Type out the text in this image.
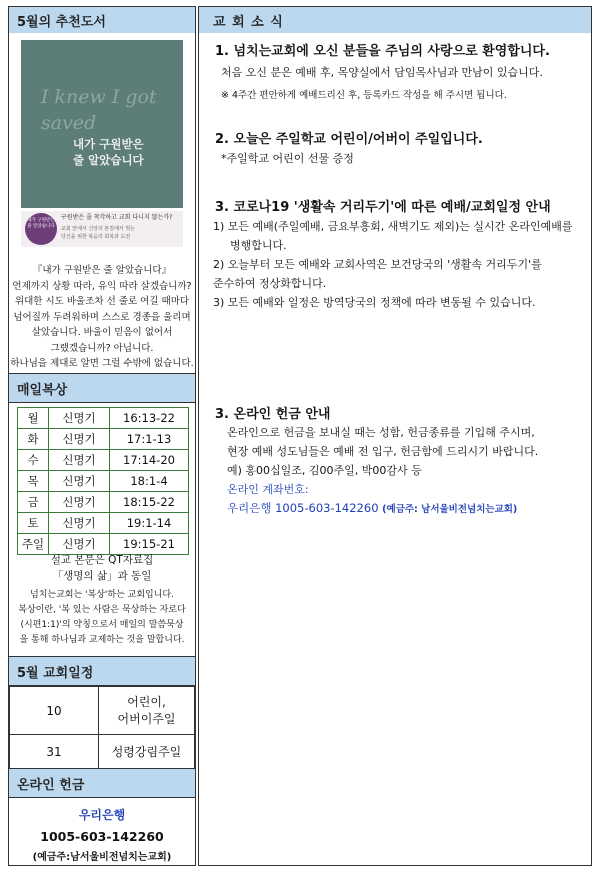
5월의 추천도서
I knew I got saved
내가 구원받은 줄 알았습니다
내가 구원받은 줄 알았습니다
구원받은 줄 착각하고 교회 다니지 않는가?
교회 안에서 신앙의 본질에서 벗는
당신을 위한 복음의 회복과 도전
『내가 구원받은 줄 알았습니다』
언제까지 상황 따라, 유익 따라 살겠습니까?
위대한 시도 바울조차 선 줄로 여길 때마다
넘어질까 두려워하며 스스로 경종을 울리며
살았습니다. 바울이 믿음이 없어서
그랬겠습니까? 아닙니다.
하나님을 제대로 알면 그럴 수밖에 없습니다.
매일복상
월	신명기	16:13-22
화	신명기	17:1-13
수	신명기	17:14-20
목	신명기	18:1-4
금	신명기	18:15-22
토	신명기	19:1-14
주일	신명기	19:15-21
설교 본문은 QT자료집
「생명의 삶」과 동일
넘치는교회는 '복상'하는 교회입니다.
복상이란, '복 있는 사람은 묵상하는 자로다
(시편1:1)'의 약칭으로서 매일의 말씀묵상
을 통해 하나님과 교제하는 것을 말합니다.
5월 교회일정
10	어린이,
어버이주일

31	성령강림주일
온라인 헌금
우리은행
1005-603-142260
(예금주:남서울비전넘치는교회)
교 회 소 식
1. 넘치는교회에 오신 분들을 주님의 사랑으로 환영합니다.
처음 오신 분은 예배 후, 목양실에서 담임목사님과 만남이 있습니다.
※ 4주간 편안하게 예배드리신 후, 등록카드 작성을 해 주시면 됩니다.
2. 오늘은 주일학교 어린이/어버이 주일입니다.
*주일학교 어린이 선물 증정
3. 코로나19 '생활속 거리두기'에 따른 예배/교회일정 안내
1) 모든 예배(주일예배, 금요부흥회, 새벽기도 제외)는 실시간 온라인예배를
병행합니다.
2) 오늘부터 모든 예배와 교회사역은 보건당국의 '생활속 거리두기'를
준수하여 정상화합니다.
3) 모든 예배와 일정은 방역당국의 정책에 따라 변동될 수 있습니다.
3. 온라인 헌금 안내
온라인으로 헌금을 보내실 때는 성함, 헌금종류를 기입해 주시며,
현장 예배 성도님들은 예배 전 입구, 헌금함에 드리시기 바랍니다.
예) 홍00십일조, 김00주일, 박00감사 등
온라인 계좌번호:
우리은행 1005-603-142260 (예금주: 남서울비전넘치는교회)
